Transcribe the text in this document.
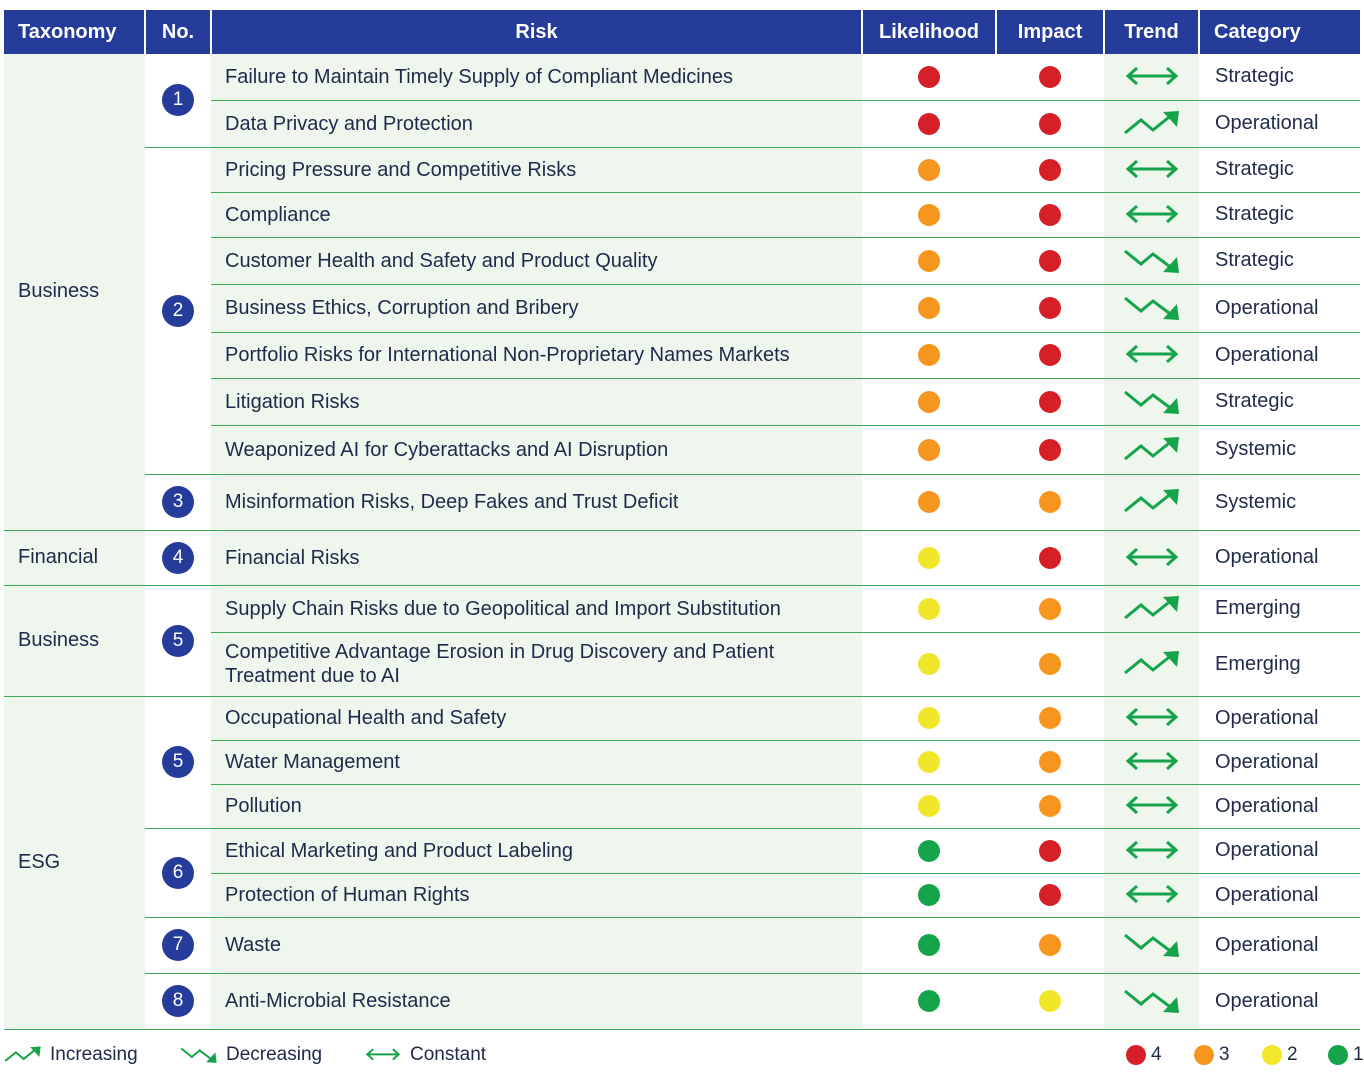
Taxonomy	No.	Risk	Likelihood	Impact	Trend	Category
Business	1	Failure to Maintain Timely Supply of Compliant Medicines				Strategic
		Data Privacy and Protection				Operational
	2	Pricing Pressure and Competitive Risks				Strategic
		Compliance				Strategic
		Customer Health and Safety and Product Quality				Strategic
		Business Ethics, Corruption and Bribery				Operational
		Portfolio Risks for International Non-Proprietary Names Markets				Operational
		Litigation Risks				Strategic
		Weaponized AI for Cyberattacks and AI Disruption				Systemic
	3	Misinformation Risks, Deep Fakes and Trust Deficit				Systemic
Financial	4	Financial Risks				Operational
Business	5	Supply Chain Risks due to Geopolitical and Import Substitution				Emerging
		Competitive Advantage Erosion in Drug Discovery and Patient Treatment due to AI				Emerging
ESG	5	Occupational Health and Safety				Operational
		Water Management				Operational
		Pollution				Operational
	6	Ethical Marketing and Product Labeling				Operational
		Protection of Human Rights				Operational
	7	Waste				Operational
	8	Anti-Microbial Resistance				Operational
Increasing	Decreasing	Constant	4	3	2	1
